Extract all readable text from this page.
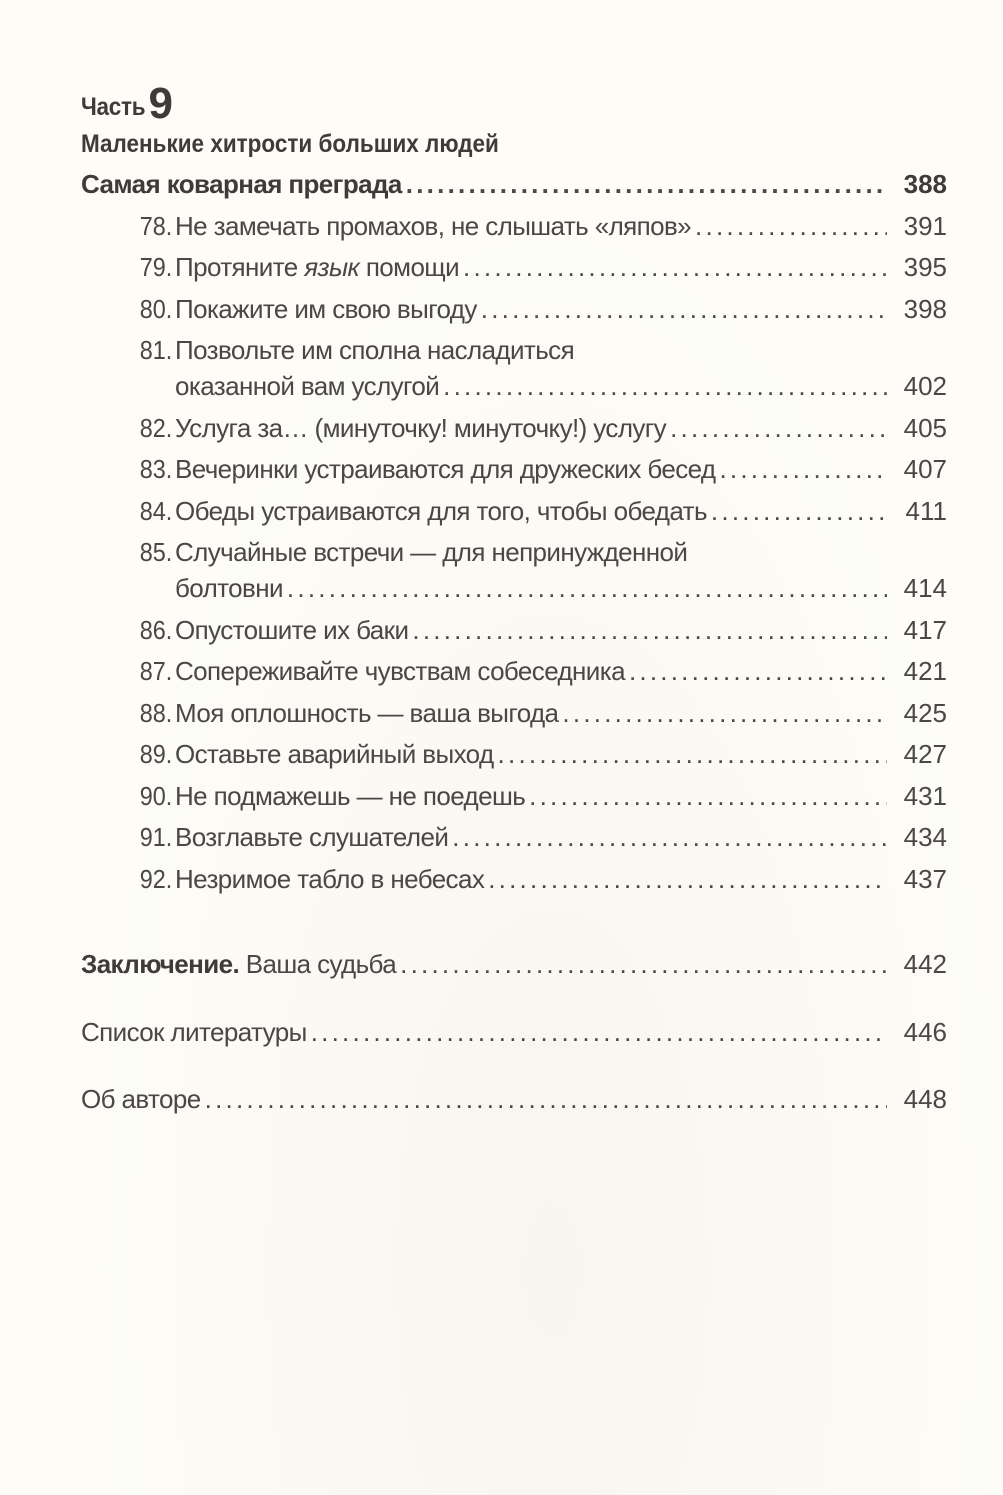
Часть 9
Маленькие хитрости больших людей
Самая коварная преграда . . .	388
78. Не замечать промахов, не слышать «ляпов» . . .	391
79. Протяните язык помощи . . .	395
80. Покажите им свою выгоду . . .	398
81. Позвольте им сполна насладиться
оказанной вам услугой . . .	402
82. Услуга за… (минуточку! минуточку!) услугу . . .	405
83. Вечеринки устраиваются для дружеских бесед . . .	407
84. Обеды устраиваются для того, чтобы обедать . . .	411
85. Случайные встречи — для непринужденной
болтовни . . .	414
86. Опустошите их баки . . .	417
87. Сопереживайте чувствам собеседника . . .	421
88. Моя оплошность — ваша выгода . . .	425
89. Оставьте аварийный выход . . .	427
90. Не подмажешь — не поедешь . . .	431
91. Возглавьте слушателей . . .	434
92. Незримое табло в небесах . . .	437
Заключение. Ваша судьба . . .	442
Список литературы . . .	446
Об авторе . . .	448
